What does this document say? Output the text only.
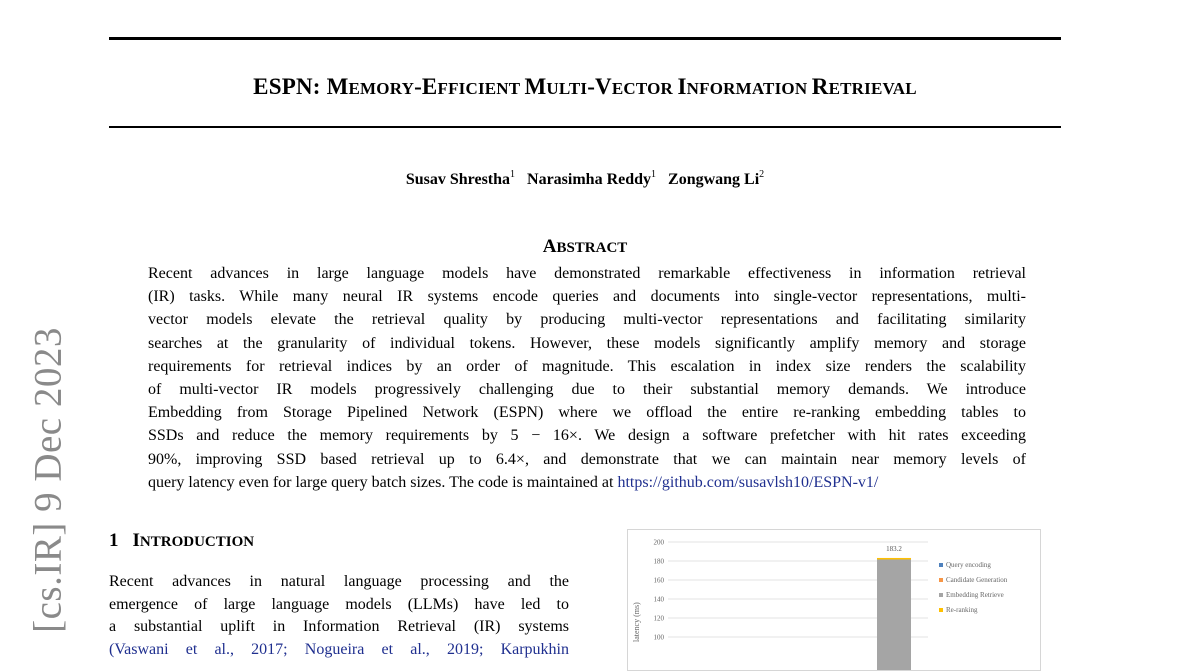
ESPN: MEMORY-EFFICIENT MULTI-VECTOR INFORMATION RETRIEVAL
Susav Shrestha$^1$ Narasimha Reddy$^1$ Zongwang Li$^2$
ABSTRACT
Recent advances in large language models have demonstrated remarkable effectiveness in information retrieval
(IR) tasks. While many neural IR systems encode queries and documents into single-vector representations, multi-
vector models elevate the retrieval quality by producing multi-vector representations and facilitating similarity
searches at the granularity of individual tokens. However, these models significantly amplify memory and storage
requirements for retrieval indices by an order of magnitude. This escalation in index size renders the scalability
of multi-vector IR models progressively challenging due to their substantial memory demands. We introduce
Embedding from Storage Pipelined Network (ESPN) where we offload the entire re-ranking embedding tables to
SSDs and reduce the memory requirements by 5 − 16×. We design a software prefetcher with hit rates exceeding
90%, improving SSD based retrieval up to 6.4×, and demonstrate that we can maintain near memory levels of
query latency even for large query batch sizes. The code is maintained at https://github.com/susavlsh10/ESPN-v1/
[cs.IR] 9 Dec 2023 1 INTRODUCTION
Recent advances in natural language processing and the
emergence of large language models (LLMs) have led to
a substantial uplift in Information Retrieval (IR) systems
(Vaswani et al., 2017; Nogueira et al., 2019; Karpukhin
100
120
140
160
180
200
183.2
latency (ms)
Query encoding
Candidate Generation
Embedding Retrieve
Re-ranking
